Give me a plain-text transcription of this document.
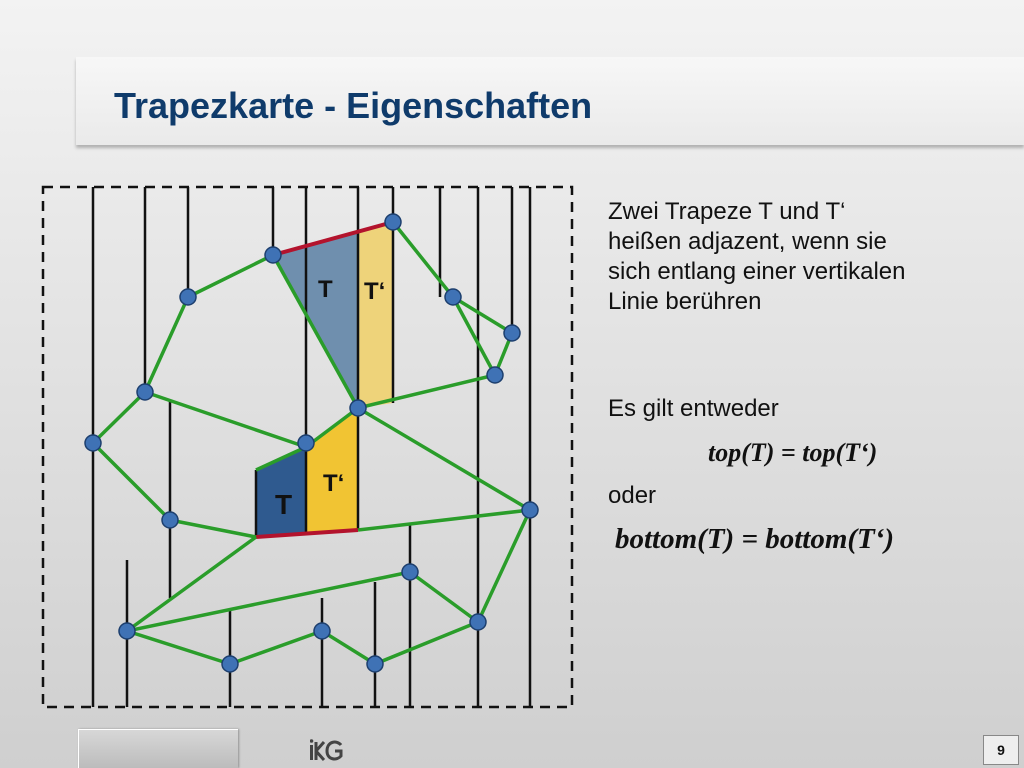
Trapezkarte - Eigenschaften
T T‘
T
T‘
Zwei Trapeze T und T‘
heißen adjazent, wenn sie
sich entlang einer vertikalen
Linie berühren
Es gilt entweder
top(T) = top(T‘)
oder
bottom(T) = bottom(T‘)
9
